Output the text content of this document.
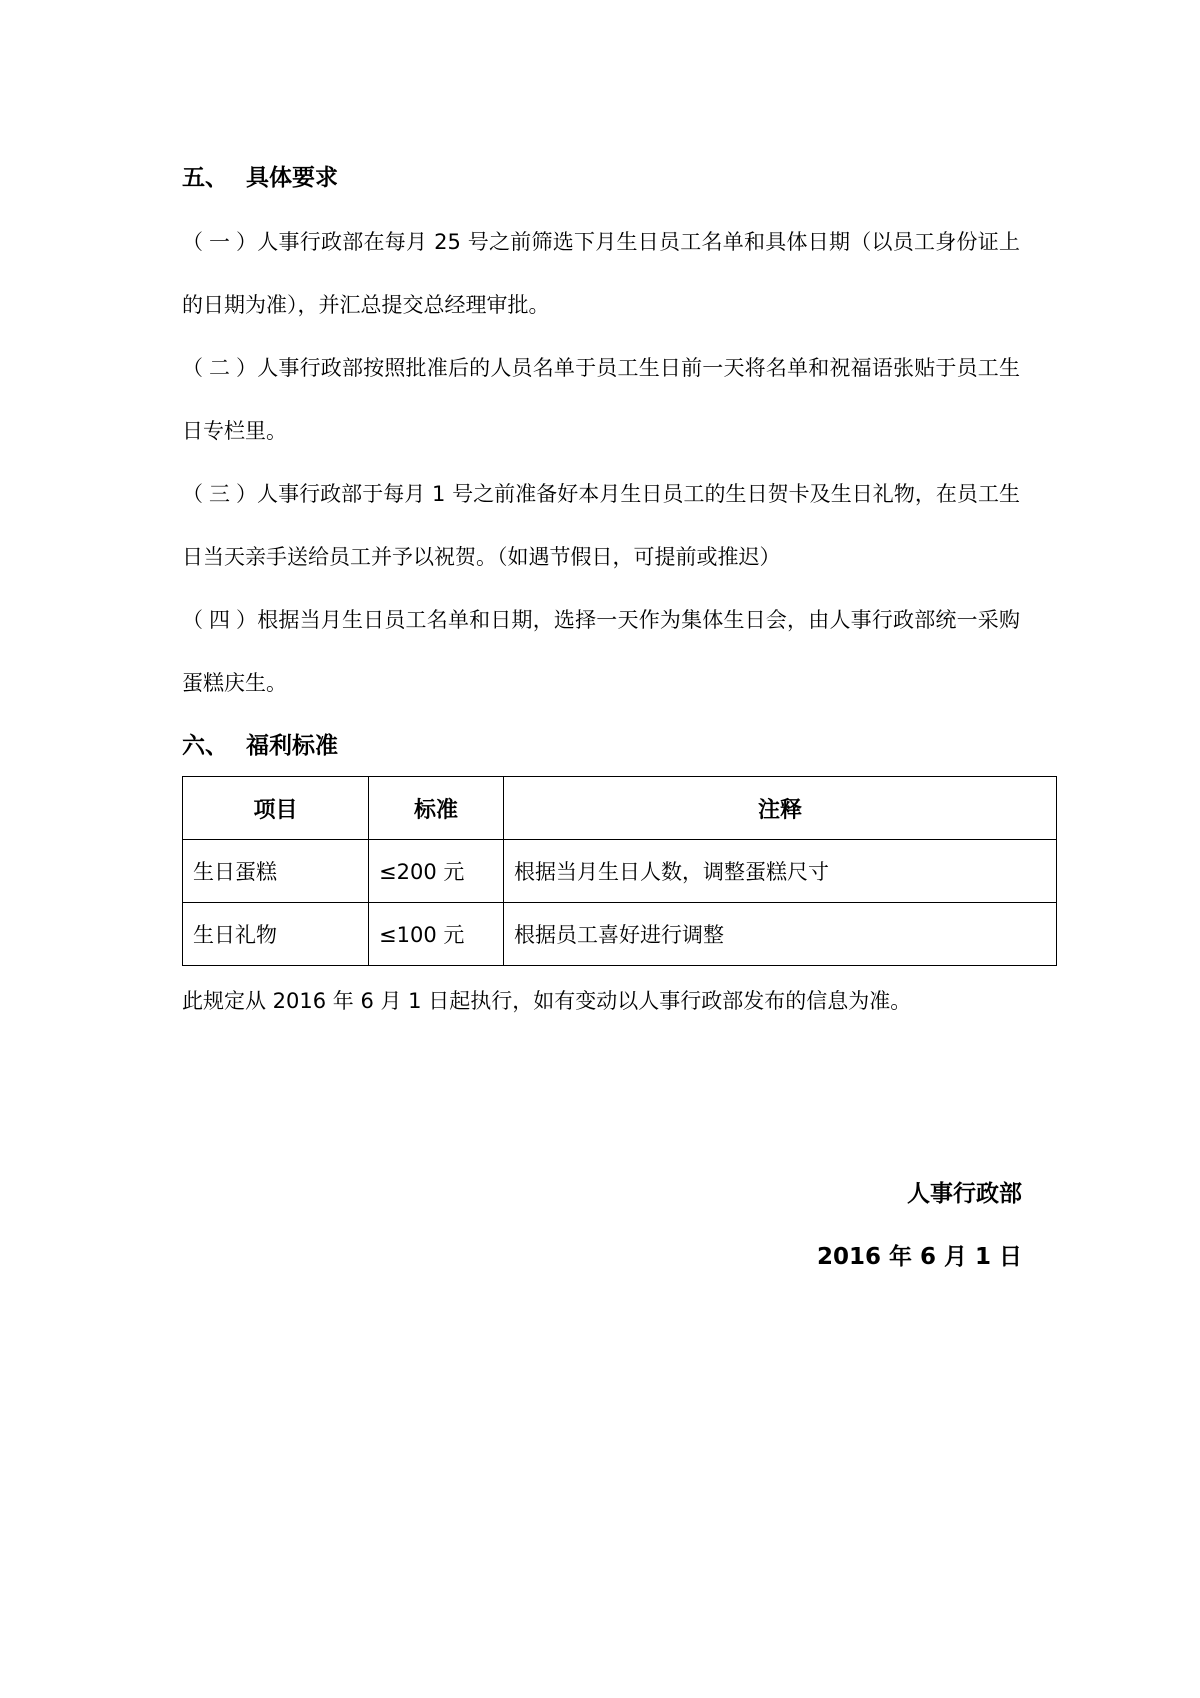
五、 具体要求
（一）人事行政部在每月 25 号之前筛选下月生日员工名单和具体日期（以员工身份证上
的日期为准），并汇总提交总经理审批。
（二）人事行政部按照批准后的人员名单于员工生日前一天将名单和祝福语张贴于员工生
日专栏里。
（三）人事行政部于每月 1 号之前准备好本月生日员工的生日贺卡及生日礼物，在员工生
日当天亲手送给员工并予以祝贺。（如遇节假日，可提前或推迟）
（四）根据当月生日员工名单和日期，选择一天作为集体生日会，由人事行政部统一采购
蛋糕庆生。
六、 福利标准
项目	标准	注释
生日蛋糕	≤200 元	根据当月生日人数，调整蛋糕尺寸
生日礼物	≤100 元	根据员工喜好进行调整
此规定从 2016 年 6 月 1 日起执行，如有变动以人事行政部发布的信息为准。
人事行政部
2016 年 6 月 1 日
